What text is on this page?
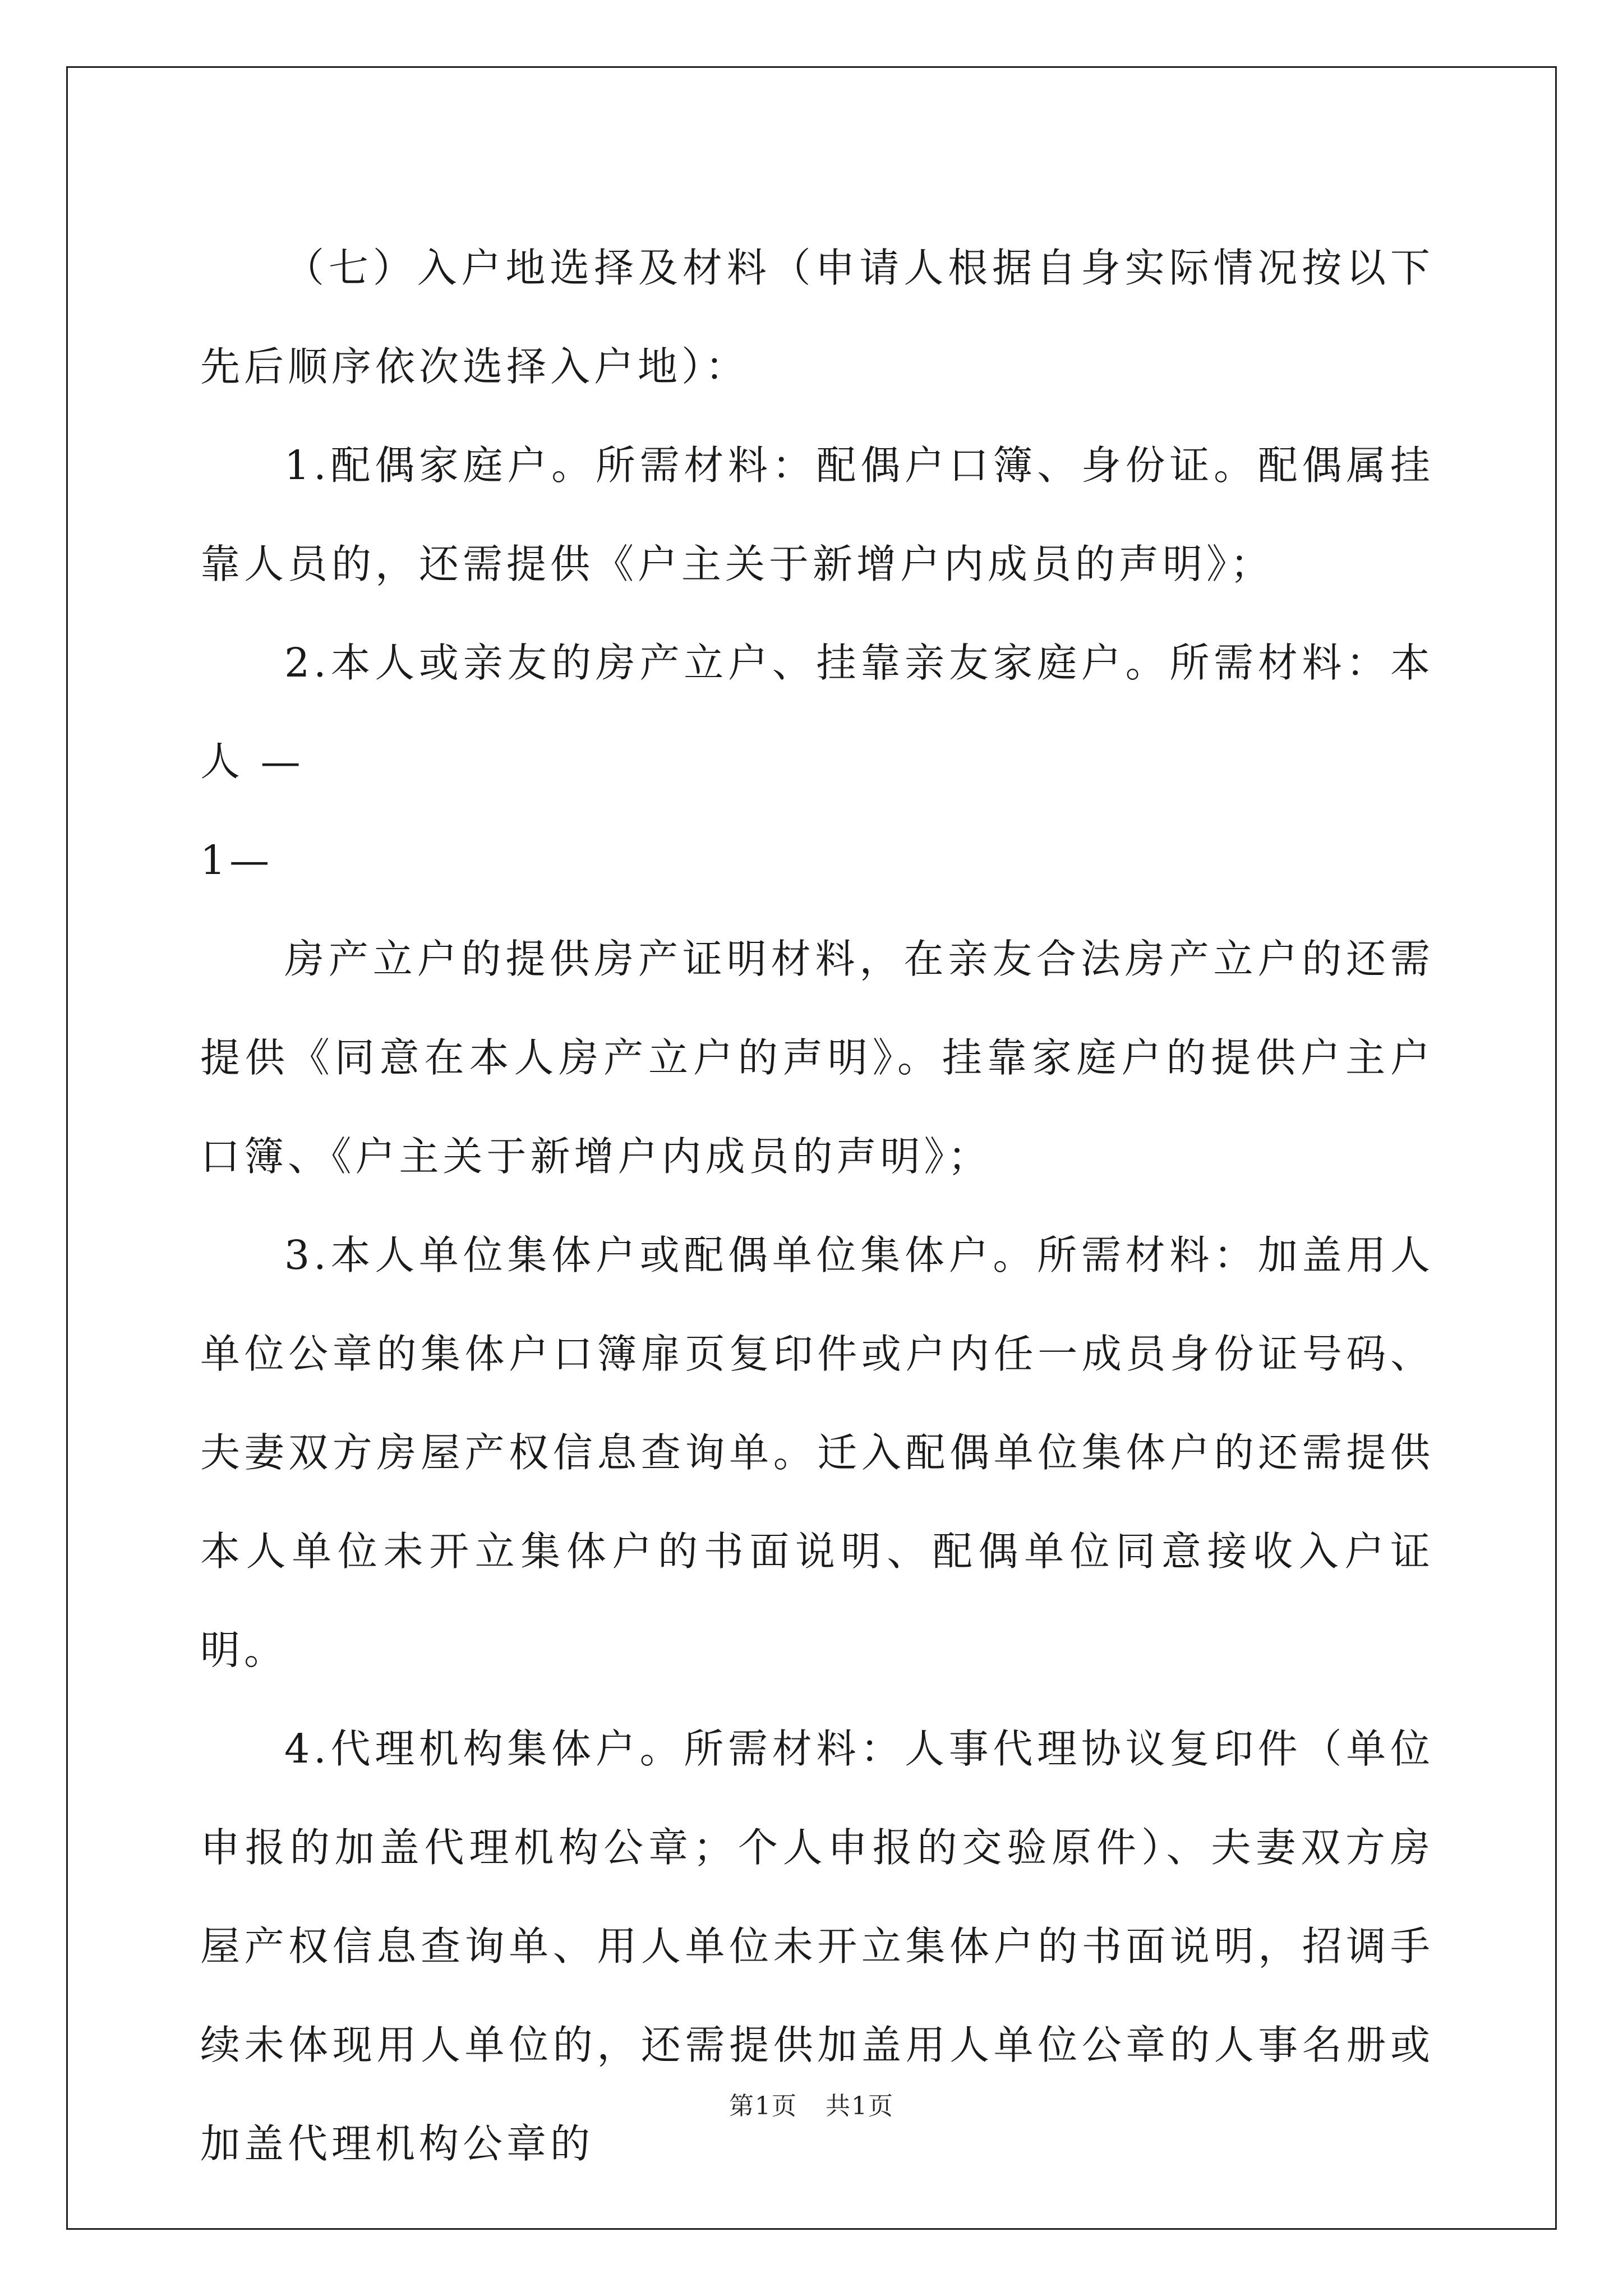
（七）入户地选择及材料（申请人根据自身实际情况按以下先后顺序依次选择入户地）：

1.配偶家庭户。所需材料：配偶户口簿、身份证。配偶属挂靠人员的，还需提供《户主关于新增户内成员的声明》；

2.本人或亲友的房产立户、挂靠亲友家庭户。所需材料：本人 —

1—

房产立户的提供房产证明材料，在亲友合法房产立户的还需提供《同意在本人房产立户的声明》。挂靠家庭户的提供户主户口簿、《户主关于新增户内成员的声明》；

3.本人单位集体户或配偶单位集体户。所需材料：加盖用人单位公章的集体户口簿扉页复印件或户内任一成员身份证号码、夫妻双方房屋产权信息查询单。迁入配偶单位集体户的还需提供本人单位未开立集体户的书面说明、配偶单位同意接收入户证明。

4.代理机构集体户。所需材料：人事代理协议复印件（单位申报的加盖代理机构公章；个人申报的交验原件）、夫妻双方房屋产权信息查询单、用人单位未开立集体户的书面说明，招调手续未体现用人单位的，还需提供加盖用人单位公章的人事名册或加盖代理机构公章的

第1页 共1页
